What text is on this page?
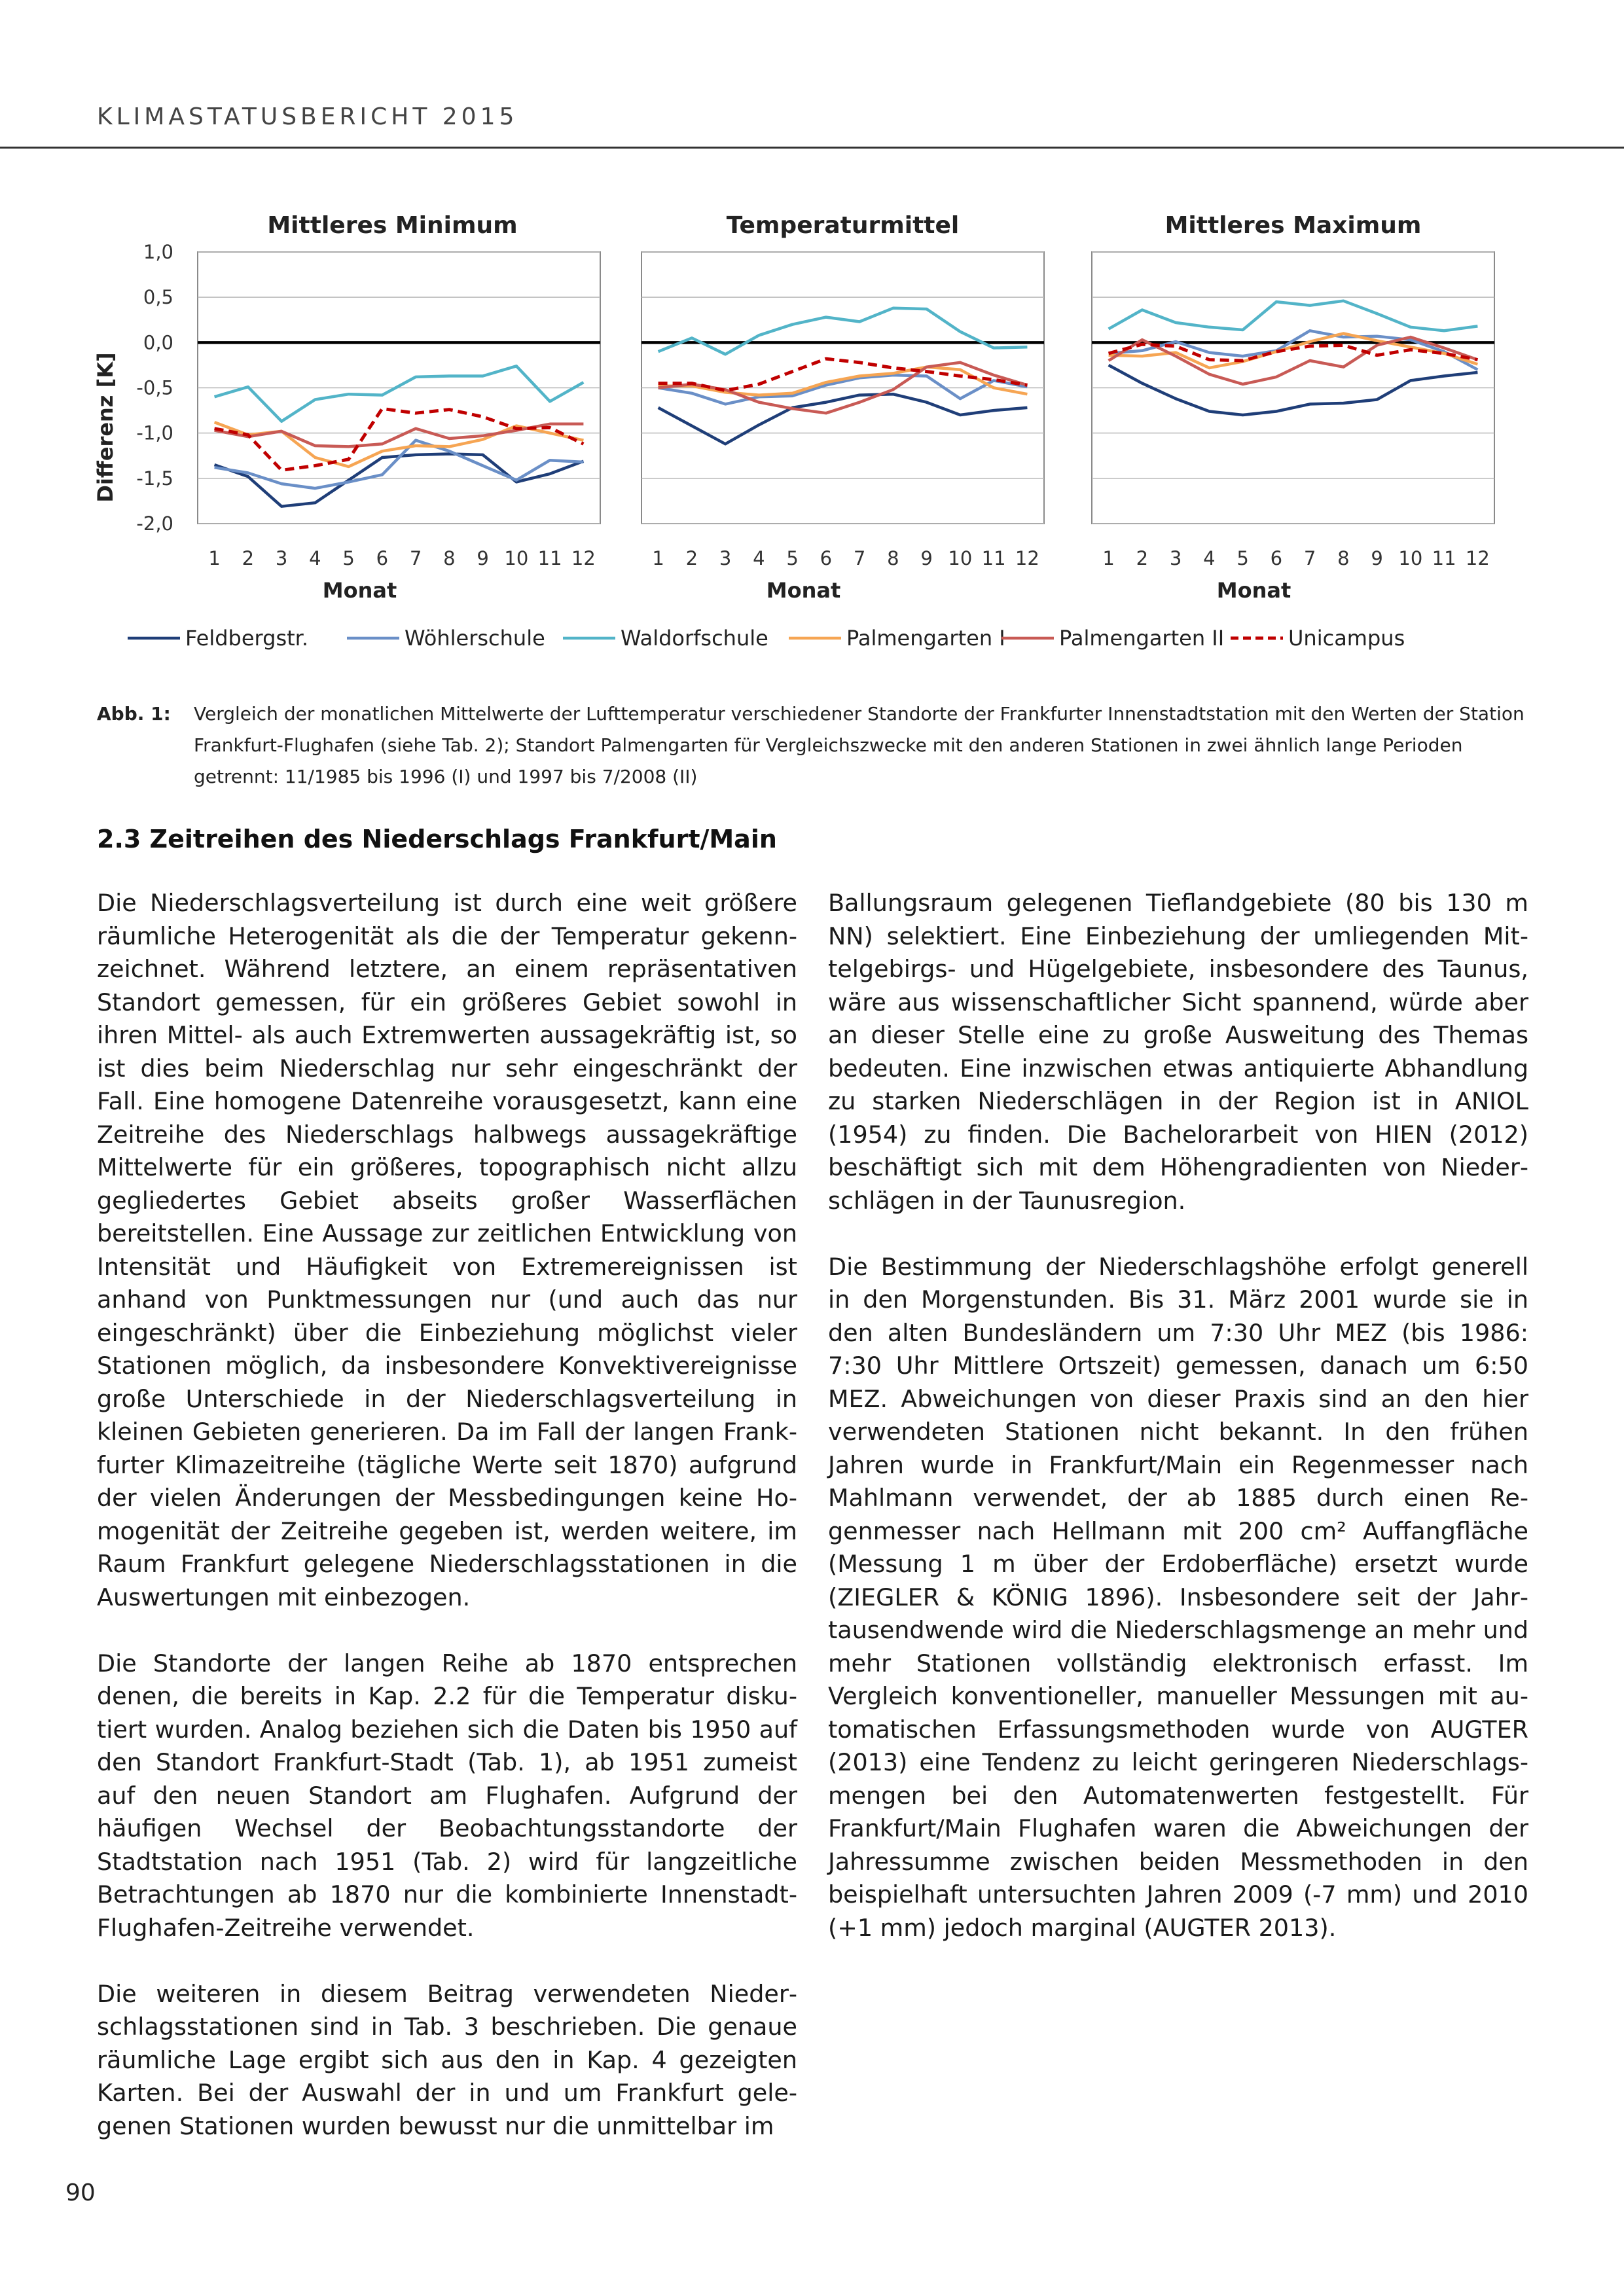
KLIMASTATUSBERICHT 2015
Differenz [K]
Mittleres Minimum
1 2 3 4 5 6 7 8 9 10 11 12
Monat
Temperaturmittel
1 2 3 4 5 6 7 8 9 10 11 12
Monat
Mittleres Maximum
1 2 3 4 5 6 7 8 9 10 11 12
Monat
1,0
0,5
0,0
-0,5
-1,0
-1,5
-2,0
Feldbergstr.	Wöhlerschule	Waldorfschule	Palmengarten I	Palmengarten II	Unicampus
Abb. 1: Vergleich der monatlichen Mittelwerte der Lufttemperatur verschiedener Standorte der Frankfurter Innenstadtstation mit den Werten der Station Frankfurt-Flughafen (siehe Tab. 2); Standort Palmengarten für Vergleichszwecke mit den anderen Stationen in zwei ähnlich lange Perioden getrennt: 11/1985 bis 1996 (I) und 1997 bis 7/2008 (II)
2.3 Zeitreihen des Niederschlags Frankfurt/Main

Die Niederschlagsverteilung ist durch eine weit größere räumliche Heterogenität als die der Temperatur gekennzeichnet. Während letztere, an einem repräsentativen Standort gemessen, für ein größeres Gebiet sowohl in ihren Mittel- als auch Extremwerten aussagekräftig ist, so ist dies beim Niederschlag nur sehr eingeschränkt der Fall. Eine homogene Datenreihe vorausgesetzt, kann eine Zeitreihe des Niederschlags halbwegs aussagekräftige Mittelwerte für ein größeres, topographisch nicht allzu gegliedertes Gebiet abseits großer Wasserflächen bereitstellen. Eine Aussage zur zeitlichen Entwicklung von Intensität und Häufigkeit von Extremereignissen ist anhand von Punktmessungen nur (und auch das nur eingeschränkt) über die Einbeziehung möglichst vieler Stationen möglich, da insbesondere Konvektivereignisse große Unterschiede in der Niederschlagsverteilung in kleinen Gebieten generieren. Da im Fall der langen Frankfurter Klimazeitreihe (tägliche Werte seit 1870) aufgrund der vielen Änderungen der Messbedingungen keine Homogenität der Zeitreihe gegeben ist, werden weitere, im Raum Frankfurt gelegene Niederschlagsstationen in die Auswertungen mit einbezogen.

Die Standorte der langen Reihe ab 1870 entsprechen denen, die bereits in Kap. 2.2 für die Temperatur diskutiert wurden. Analog beziehen sich die Daten bis 1950 auf den Standort Frankfurt-Stadt (Tab. 1), ab 1951 zumeist auf den neuen Standort am Flughafen. Aufgrund der häufigen Wechsel der Beobachtungsstandorte der Stadtstation nach 1951 (Tab. 2) wird für langzeitliche Betrachtungen ab 1870 nur die kombinierte Innenstadt-Flughafen-Zeitreihe verwendet.

Die weiteren in diesem Beitrag verwendeten Niederschlagsstationen sind in Tab. 3 beschrieben. Die genaue räumliche Lage ergibt sich aus den in Kap. 4 gezeigten Karten. Bei der Auswahl der in und um Frankfurt gelegenen Stationen wurden bewusst nur die unmittelbar im

Ballungsraum gelegenen Tieflandgebiete (80 bis 130 m NN) selektiert. Eine Einbeziehung der umliegenden Mittelgebirgs- und Hügelgebiete, insbesondere des Taunus, wäre aus wissenschaftlicher Sicht spannend, würde aber an dieser Stelle eine zu große Ausweitung des Themas bedeuten. Eine inzwischen etwas antiquierte Abhandlung zu starken Niederschlägen in der Region ist in ANIOL (1954) zu finden. Die Bachelorarbeit von HIEN (2012) beschäftigt sich mit dem Höhengradienten von Niederschlägen in der Taunusregion.

Die Bestimmung der Niederschlagshöhe erfolgt generell in den Morgenstunden. Bis 31. März 2001 wurde sie in den alten Bundesländern um 7:30 Uhr MEZ (bis 1986: 7:30 Uhr Mittlere Ortszeit) gemessen, danach um 6:50 MEZ. Abweichungen von dieser Praxis sind an den hier verwendeten Stationen nicht bekannt. In den frühen Jahren wurde in Frankfurt/Main ein Regenmesser nach Mahlmann verwendet, der ab 1885 durch einen Regenmesser nach Hellmann mit 200 cm² Auffangfläche (Messung 1 m über der Erdoberfläche) ersetzt wurde (ZIEGLER & KÖNIG 1896). Insbesondere seit der Jahrtausendwende wird die Niederschlagsmenge an mehr und mehr Stationen vollständig elektronisch erfasst. Im Vergleich konventioneller, manueller Messungen mit automatischen Erfassungsmethoden wurde von AUGTER (2013) eine Tendenz zu leicht geringeren Niederschlagsmengen bei den Automatenwerten festgestellt. Für Frankfurt/Main Flughafen waren die Abweichungen der Jahressumme zwischen beiden Messmethoden in den beispielhaft untersuchten Jahren 2009 (-7 mm) und 2010 (+1 mm) jedoch marginal (AUGTER 2013).

90
